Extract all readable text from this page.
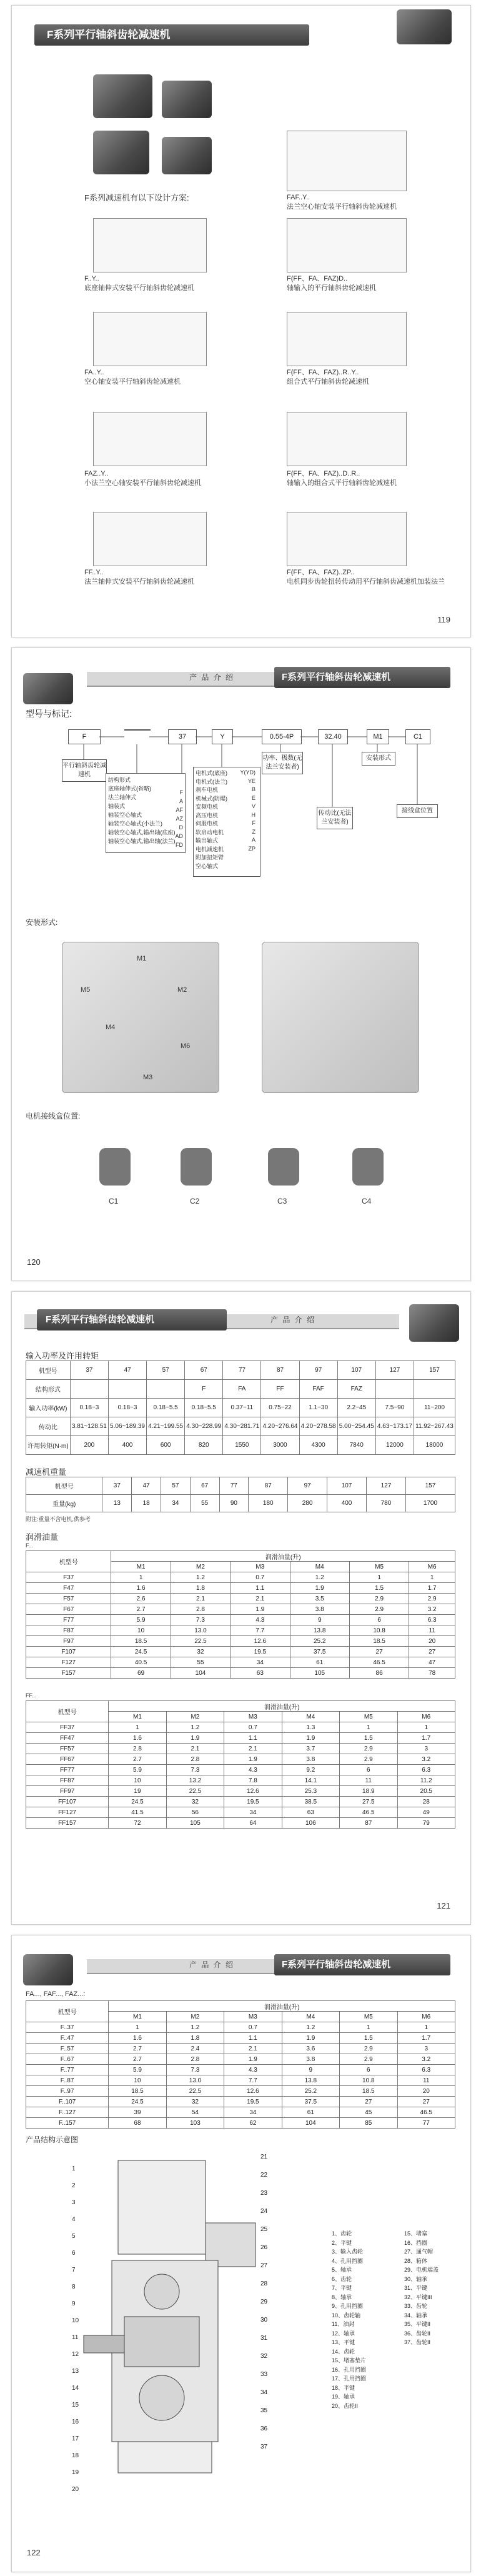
F系列平行轴斜齿轮减速机
F系列减速机有以下设计方案:
F..Y..
底座轴伸式安装平行轴斜齿轮减速机
FA..Y..
空心轴安装平行轴斜齿轮减速机
FAZ..Y..
小法兰空心轴安装平行轴斜齿轮减速机
FF..Y..
法兰轴伸式安装平行轴斜齿轮减速机
FAF..Y..
法兰空心轴安装平行轴斜齿轮减速机
F(FF、FA、FAZ)D..
轴输入的平行轴斜齿轮减速机
F(FF、FA、FAZ)..R..Y..
组合式平行轴斜齿轮减速机
F(FF、FA、FAZ)..D..R..
轴输入的组合式平行轴斜齿轮减速机
F(FF、FA、FAZ)..ZP..
电机同步齿轮扭转传动用平行轴斜齿减速机加装法兰
119
产 品 介 绍	F系列平行轴斜齿轮减速机
型号与标记:
F	37	Y	0.55-4P	32.40	M1	C1
平行轴斜齿轮减速机
功率、极数(无法兰安装者)
传动比(无法兰安装者)
安装形式
接线盒位置
结构形式
底座轴伸式(省略)
法兰轴伸式
轴装式
轴装空心轴式
轴装空心轴式(小法兰)
轴装空心轴式,输出轴(底座)
轴装空心轴式,输出轴(法兰)
F
A
AF
AZ
D
AD
FD
电机式(底座)
电机式(法兰)
刹车电机
机械式(防爆)
变频电机
高压电机
伺服电机
软启动电机
输出轴式
电机减速机
附加扭矩臂
空心轴式
Y(YD)
YE
B
E
V
H
F
Z
A
ZP
安装形式:
M1
M2
M3
M4
M5
M6
电机接线盒位置:
C1	C2	C3	C4
120
产 品 介 绍
F系列平行轴斜齿轮减速机
输入功率及许用转矩
机型号	37	47	57	67	77	87	97	107	127	157
结构形式				F	FA	FF	FAF	FAZ		
输入功率(kW)	0.18~3	0.18~3	0.18~5.5	0.18~5.5	0.37~11	0.75~22	1.1~30	2.2~45	7.5~90	11~200
传动比	3.81~128.51	5.06~189.39	4.21~199.55	4.30~228.99	4.30~281.71	4.20~276.64	4.20~278.58	5.00~254.45	4.63~173.17	11.92~267.43
许用转矩(N·m)	200	400	600	820	1550	3000	4300	7840	12000	18000
减速机重量
机型号	37	47	57	67	77	87	97	107	127	157
重量(kg)	13	18	34	55	90	180	280	400	780	1700
附注:重量不含电机,供参考
润滑油量
F...
机型号	润滑油量(升)					
	M1	M2	M3	M4	M5	M6
F37	1	1.2	0.7	1.2	1	1
F47	1.6	1.8	1.1	1.9	1.5	1.7
F57	2.6	2.1	2.1	3.5	2.9	2.9
F67	2.7	2.8	1.9	3.8	2.9	3.2
F77	5.9	7.3	4.3	9	6	6.3
F87	10	13.0	7.7	13.8	10.8	11
F97	18.5	22.5	12.6	25.2	18.5	20
F107	24.5	32	19.5	37.5	27	27
F127	40.5	55	34	61	46.5	47
F157	69	104	63	105	86	78
FF...
机型号	润滑油量(升)					
	M1	M2	M3	M4	M5	M6
FF37	1	1.2	0.7	1.3	1	1
FF47	1.6	1.9	1.1	1.9	1.5	1.7
FF57	2.8	2.1	2.1	3.7	2.9	3
FF67	2.7	2.8	1.9	3.8	2.9	3.2
FF77	5.9	7.3	4.3	9.2	6	6.3
FF87	10	13.2	7.8	14.1	11	11.2
FF97	19	22.5	12.6	25.3	18.9	20.5
FF107	24.5	32	19.5	38.5	27.5	28
FF127	41.5	56	34	63	46.5	49
FF157	72	105	64	106	87	79
121
产 品 介 绍	F系列平行轴斜齿轮减速机
FA..., FAF..., FAZ...:
机型号	润滑油量(升)					
	M1	M2	M3	M4	M5	M6
F..37	1	1.2	0.7	1.2	1	1
F..47	1.6	1.8	1.1	1.9	1.5	1.7
F..57	2.7	2.4	2.1	3.6	2.9	3
F..67	2.7	2.8	1.9	3.8	2.9	3.2
F..77	5.9	7.3	4.3	9	6	6.3
F..87	10	13.0	7.7	13.8	10.8	11
F..97	18.5	22.5	12.6	25.2	18.5	20
F..107	24.5	32	19.5	37.5	27	27
F..127	39	54	34	61	45	46.5
F..157	68	103	62	104	85	77
产品结构示意图
1
2
3
4
5
6
7
8
9
10
11
12
13
14
15
16
17
18
19
20
21
22
23
24
25
26
27
28
29
30
31
32
33
34
35
36
37
1、齿轮
2、平键
3、输入齿轮
4、孔用挡圈
5、轴承
6、齿轮
7、平键
8、轴承
9、孔用挡圈
10、齿轮轴
11、油封
12、轴承
13、平键
14、齿轮
15、堵塞垫片
16、孔用挡圈
17、孔用挡圈
18、平键
19、轴承
20、齿轮II
15、堵塞
16、挡圈
27、通气帽
28、箱体
29、电机端盖
30、轴承
31、平键
32、平键III
33、齿轮
34、轴承
35、平键II
36、齿轮II
37、齿轮II
122
